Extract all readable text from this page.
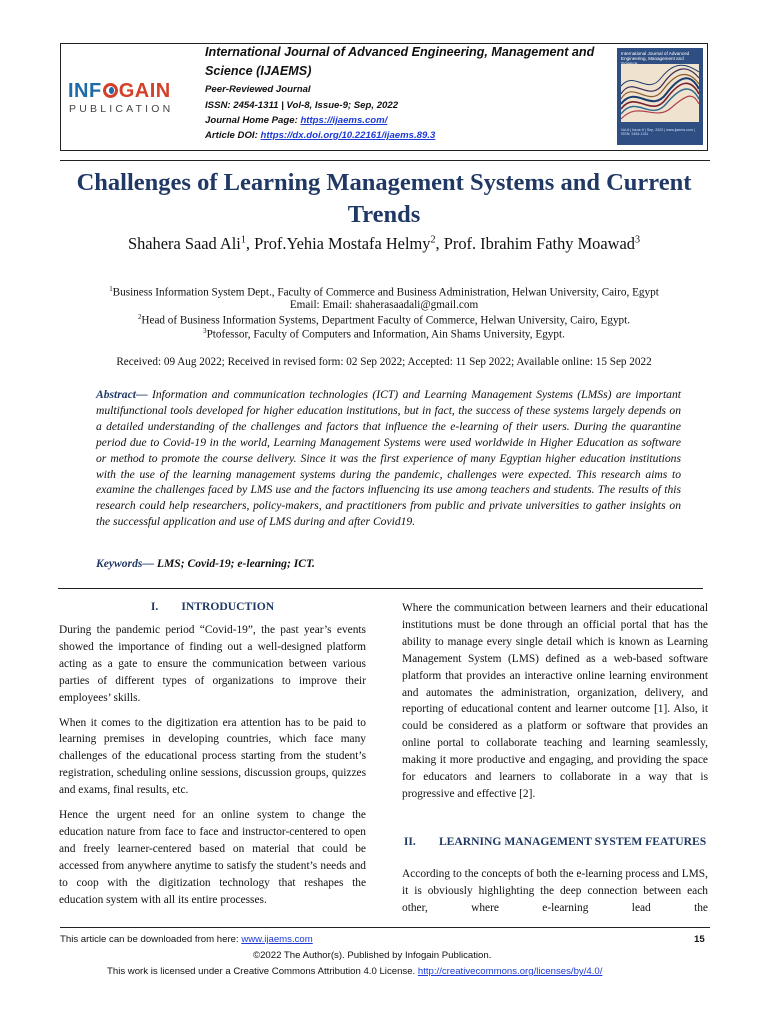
INF GAIN
PUBLICATION
International Journal of Advanced Engineering, Management and
Science (IJAEMS)
Peer-Reviewed Journal
ISSN: 2454-1311 | Vol-8, Issue-9; Sep, 2022
Journal Home Page: https://ijaems.com/
Article DOI: https://dx.doi.org/10.22161/ijaems.89.3
International Journal of Advanced Engineering, Management and
Vol-8 | Issue-9 | Sep, 2022 | www.ijaems.com | ISSN: 2454-1311
Challenges of Learning Management Systems and Current Trends
Shahera Saad Ali$^1$, Prof.Yehia Mostafa Helmy$^2$, Prof. Ibrahim Fathy Moawad$^3$
$^1$Business Information System Dept., Faculty of Commerce and Business Administration, Helwan University, Cairo, Egypt
Email: Email: shaherasaadali@gmail.com
$^2$Head of Business Information Systems, Department Faculty of Commerce, Helwan University, Cairo, Egypt.
$^3$Ptofessor, Faculty of Computers and Information, Ain Shams University, Egypt.
Received: 09 Aug 2022; Received in revised form: 02 Sep 2022; Accepted: 11 Sep 2022; Available online: 15 Sep 2022
Abstract— Information and communication technologies (ICT) and Learning Management Systems (LMSs) are important multifunctional tools developed for higher education institutions, but in fact, the success of these systems largely depends on a detailed understanding of the challenges and factors that influence the e-learning of their users. During the quarantine period due to Covid-19 in the world, Learning Management Systems were used worldwide in Higher Education as software or method to promote the course delivery. Since it was the first experience of many Egyptian higher education institutions with the use of the learning management systems during the pandemic, challenges were expected. This research aims to examine the challenges faced by LMS use and the factors influencing its use among teachers and students. The results of this research could help researchers, policy-makers, and practitioners from public and private universities to gather insights on the successful application and use of LMS during and after Covid19.
Keywords— LMS; Covid-19; e-learning; ICT.
I.        INTRODUCTION

During the pandemic period “Covid-19”, the past year’s events showed the importance of finding out a well-designed platform acting as a gate to ensure the communication between various parties of different types of organizations to improve their employees’ skills.

When it comes to the digitization era attention has to be paid to learning premises in developing countries, which face many challenges of the educational process starting from the student’s registration, scheduling online sessions, discussion groups, quizzes and exams, final results, etc.

Hence the urgent need for an online system to change the education nature from face to face and instructor-centered to open and freely learner-centered based on material that could be accessed from anywhere anytime to satisfy the student’s needs and to coop with the digitization technology that reshapes the education system with all its entire processes.

Where the communication between learners and their educational institutions must be done through an official portal that has the ability to manage every single detail which is known as Learning Management System (LMS) defined as a web-based software platform that provides an interactive online learning environment and automates the administration, organization, delivery, and reporting of educational content and learner outcome [1]. Also, it could be considered as a platform or software that provides an online portal to collaborate teaching and learning seamlessly, making it more productive and engaging, and providing the space for educators and learners to collaborate in a way that is progressive and effective [2].

II.        LEARNING MANAGEMENT SYSTEM FEATURES

According to the concepts of both the e-learning process and LMS, it is obviously highlighting the deep connection between each other, where e-learning lead the

This article can be downloaded from here: www.ijaems.com	15
©2022 The Author(s). Published by Infogain Publication.
This work is licensed under a Creative Commons Attribution 4.0 License. http://creativecommons.org/licenses/by/4.0/
